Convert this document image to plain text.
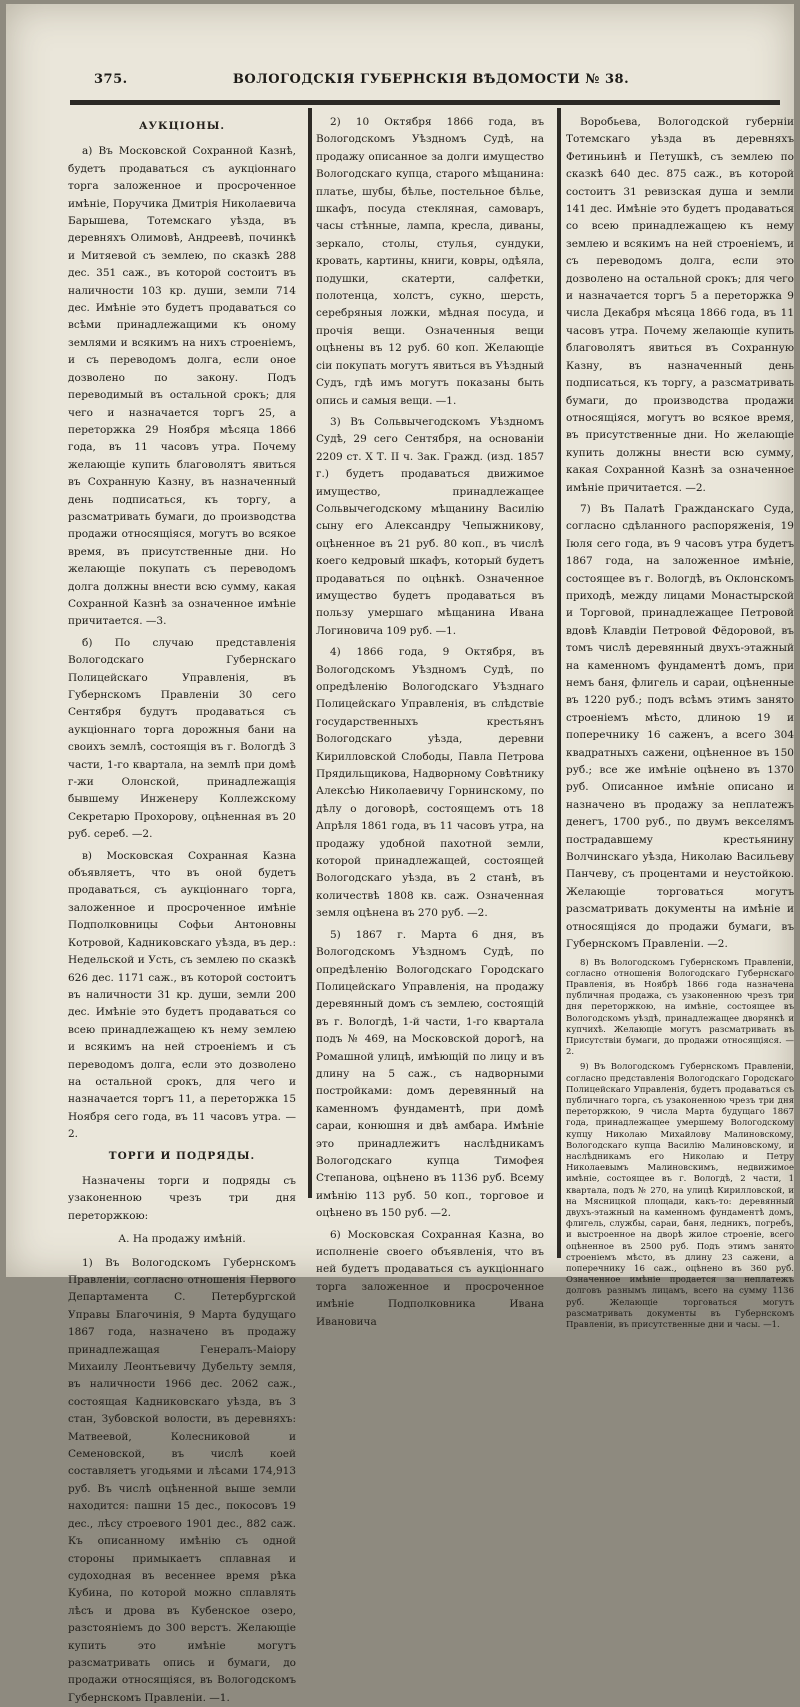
375.	ВОЛОГОДСКІЯ ГУБЕРНСКІЯ ВѢДОМОСТИ № 38.

АУКЦІОНЫ.

а) Въ Московской Сохранной Казнѣ, будетъ продаваться съ аукціоннаго торга заложенное и просроченное имѣніе, Поручика Дмитрія Николаевича Барышева, Тотемскаго уѣзда, въ деревняхъ Олимовѣ, Андреевѣ, починкѣ и Митяевой съ землею, по сказкѣ 288 дес. 351 саж., въ которой состоитъ въ наличности 103 кр. души, земли 714 дес. Имѣніе это будетъ продаваться со всѣми принадлежащими къ оному землями и всякимъ на нихъ строеніемъ, и съ переводомъ долга, если оное дозволено по закону. Подъ переводимый въ остальной срокъ; для чего и назначается торгъ 25, а переторжка 29 Ноября мѣсяца 1866 года, въ 11 часовъ утра. Почему желающіе купить благоволятъ явиться въ Сохранную Казну, въ назначенный день подписаться, къ торгу, а разсматривать бумаги, до производства продажи относящіяся, могутъ во всякое время, въ присутственные дни. Но желающіе покупать съ переводомъ долга должны внести всю сумму, какая Сохранной Казнѣ за означенное имѣніе причитается. —3.

б) По случаю представленія Вологодскаго Губернскаго Полицейскаго Управленія, въ Губернскомъ Правленіи 30 сего Сентября будутъ продаваться съ аукціоннаго торга дорожныя бани на своихъ землѣ, состоящія въ г. Вологдѣ 3 части, 1-го квартала, на землѣ при домѣ г-жи Олонской, принадлежащія бывшему Инженеру Коллежскому Секретарю Прохорову, оцѣненная въ 20 руб. сереб. —2.

в) Московская Сохранная Казна объявляетъ, что въ оной будетъ продаваться, съ аукціоннаго торга, заложенное и просроченное имѣніе Подполковницы Софьи Антоновны Котровой, Кадниковскаго уѣзда, въ дер.: Недельской и Усть, съ землею по сказкѣ 626 дес. 1171 саж., въ которой состоитъ въ наличности 31 кр. души, земли 200 дес. Имѣніе это будетъ продаваться со всею принадлежащею къ нему землею и всякимъ на ней строеніемъ и съ переводомъ долга, если это дозволено на остальной срокъ, для чего и назначается торгъ 11, а переторжка 15 Ноября сего года, въ 11 часовъ утра. —2.

ТОРГИ И ПОДРЯДЫ.

Назначены торги и подряды съ узаконенною чрезъ три дня переторжкою:

А. На продажу имѣній.

1) Въ Вологодскомъ Губернскомъ Правленіи, согласно отношенія Первого Департамента С. Петербургской Управы Благочинія, 9 Марта будущаго 1867 года, назначено въ продажу принадлежащая Генералъ-Маіору Михаилу Леонтьевичу Дубельту земля, въ наличности 1966 дес. 2062 саж., состоящая Кадниковскаго уѣзда, въ 3 стан, Зубовской волости, въ деревняхъ: Матвеевой, Колесниковой и Семеновской, въ числѣ коей составляетъ угодьями и лѣсами 174,913 руб. Въ числѣ оцѣненной выше земли находится: пашни 15 дес., покосовъ 19 дес., лѣсу строевого 1901 дес., 882 саж. Къ описанному имѣнію съ одной стороны примыкаетъ сплавная и судоходная въ весеннее время рѣка Кубина, по которой можно сплавлять лѣсъ и дрова въ Кубенское озеро, разстояніемъ до 300 верстъ. Желающіе купить это имѣніе могутъ разсматривать опись и бумаги, до продажи относящіяся, въ Вологодскомъ Губернскомъ Правленіи. —1.

2) 10 Октября 1866 года, въ Вологодскомъ Уѣздномъ Судѣ, на продажу описанное за долги имущество Вологодскаго купца, старого мѣщанина: платье, шубы, бѣлье, постельное бѣлье, шкафъ, посуда стекляная, самоваръ, часы стѣнные, лампа, кресла, диваны, зеркало, столы, стулья, сундуки, кровать, картины, книги, ковры, одѣяла, подушки, скатерти, салфетки, полотенца, холстъ, сукно, шерсть, серебряныя ложки, мѣдная посуда, и прочія вещи. Означенныя вещи оцѣнены въ 12 руб. 60 коп. Желающіе сіи покупать могутъ явиться въ Уѣздный Судъ, гдѣ имъ могутъ показаны быть опись и самыя вещи. —1.

3) Въ Сольвычегодскомъ Уѣздномъ Судѣ, 29 сего Сентября, на основаніи 2209 ст. Х Т. II ч. Зак. Гражд. (изд. 1857 г.) будетъ продаваться движимое имущество, принадлежащее Сольвычегодскому мѣщанину Василію сыну его Александру Чепыжникову, оцѣненное въ 21 руб. 80 коп., въ числѣ коего кедровый шкафъ, который будетъ продаваться по оцѣнкѣ. Означенное имущество будетъ продаваться въ пользу умершаго мѣщанина Ивана Логиновича 109 руб. —1.

4) 1866 года, 9 Октября, въ Вологодскомъ Уѣздномъ Судѣ, по опредѣленію Вологодскаго Уѣзднаго Полицейскаго Управленія, въ слѣдствіе государственныхъ крестьянъ Вологодскаго уѣзда, деревни Кирилловской Слободы, Павла Петрова Прядильщикова, Надворному Совѣтнику Алексѣю Николаевичу Горнинскому, по дѣлу о договорѣ, состоящемъ отъ 18 Апрѣля 1861 года, въ 11 часовъ утра, на продажу удобной пахотной земли, которой принадлежащей, состоящей Вологодскаго уѣзда, въ 2 станѣ, въ количествѣ 1808 кв. саж. Означенная земля оцѣнена въ 270 руб. —2.

5) 1867 г. Марта 6 дня, въ Вологодскомъ Уѣздномъ Судѣ, по опредѣленію Вологодскаго Городскаго Полицейскаго Управленія, на продажу деревянный домъ съ землею, состоящій въ г. Вологдѣ, 1-й части, 1-го квартала подъ № 469, на Московской дорогѣ, на Ромашной улицѣ, имѣющій по лицу и въ длину на 5 саж., съ надворными постройками: домъ деревянный на каменномъ фундаментѣ, при домѣ сараи, конюшня и двѣ амбара. Имѣніе это принадлежитъ наслѣдникамъ Вологодскаго купца Тимофея Степанова, оцѣнено въ 1136 руб. Всему имѣнію 113 руб. 50 коп., торговое и оцѣнено въ 150 руб. —2.

6) Московская Сохранная Казна, во исполненіе своего объявленія, что въ ней будетъ продаваться съ аукціоннаго торга заложенное и просроченное имѣніе Подполковника Ивана Ивановича

Воробьева, Вологодской губерніи Тотемскаго уѣзда въ деревняхъ Фетиньинѣ и Петушкѣ, съ землею по сказкѣ 640 дес. 875 саж., въ которой состоитъ 31 ревизская душа и земли 141 дес. Имѣніе это будетъ продаваться со всею принадлежащею къ нему землею и всякимъ на ней строеніемъ, и съ переводомъ долга, если это дозволено на остальной срокъ; для чего и назначается торгъ 5 а переторжка 9 числа Декабря мѣсяца 1866 года, въ 11 часовъ утра. Почему желающіе купить благоволятъ явиться въ Сохранную Казну, въ назначенный день подписаться, къ торгу, а разсматривать бумаги, до производства продажи относящіяся, могутъ во всякое время, въ присутственные дни. Но желающіе купить должны внести всю сумму, какая Сохранной Казнѣ за означенное имѣніе причитается. —2.

7) Въ Палатѣ Гражданскаго Суда, согласно сдѣланного распоряженія, 19 Іюля сего года, въ 9 часовъ утра будетъ 1867 года, на заложенное имѣніе, состоящее въ г. Вологдѣ, въ Оклонскомъ приходѣ, между лицами Монастырской и Торговой, принадлежащее Петровой вдовѣ Клавдіи Петровой Фёдоровой, въ томъ числѣ деревянный двухъ-этажный на каменномъ фундаментѣ домъ, при немъ баня, флигель и сараи, оцѣненные въ 1220 руб.; подъ всѣмъ этимъ занято строеніемъ мѣсто, длиною 19 и поперечнику 16 саженъ, а всего 304 квадратныхъ сажени, оцѣненное въ 150 руб.; все же имѣніе оцѣнено въ 1370 руб. Описанное имѣніе описано и назначено въ продажу за неплатежъ денегъ, 1700 руб., по двумъ векселямъ пострадавшему крестьянину Волчинскаго уѣзда, Николаю Васильеву Панчеву, съ процентами и неустойкою. Желающіе торговаться могутъ разсматривать документы на имѣніе и относящіяся до продажи бумаги, въ Губернскомъ Правленіи. —2.

8) Въ Вологодскомъ Губернскомъ Правленіи, согласно отношенія Вологодскаго Губернскаго Правленія, въ Ноябрѣ 1866 года назначена публичная продажа, съ узаконенною чрезъ три дня переторжкою, на имѣніе, состоящее въ Вологодскомъ уѣздѣ, принадлежащее дворянкѣ и купчихѣ. Желающіе могутъ разсматривать въ Присутствіи бумаги, до продажи относящіяся. —2.

9) Въ Вологодскомъ Губернскомъ Правленіи, согласно представленія Вологодскаго Городскаго Полицейскаго Управленія, будетъ продаваться съ публичнаго торга, съ узаконенною чрезъ три дня переторжкою, 9 числа Марта будущаго 1867 года, принадлежащее умершему Вологодскому купцу Николаю Михайлову Малиновскому, Вологодскаго купца Василію Малиновскому, и наслѣдникамъ его Николаю и Петру Николаевымъ Малиновскимъ, недвижимое имѣніе, состоящее въ г. Вологдѣ, 2 части, 1 квартала, подъ № 270, на улицѣ Кирилловской, и на Мясницкой площади, какъ-то: деревянный двухъ-этажный на каменномъ фундаментѣ домъ, флигель, службы, сараи, баня, ледникъ, погребъ, и выстроенное на дворѣ жилое строеніе, всего оцѣненное въ 2500 руб. Подъ этимъ занято строеніемъ мѣсто, въ длину 23 сажени, а поперечнику 16 саж., оцѣнено въ 360 руб. Означенное имѣніе продается за неплатежъ долговъ разнымъ лицамъ, всего на сумму 1136 руб. Желающіе торговаться могутъ разсматривать документы въ Губернскомъ Правленіи, въ присутственные дни и часы. —1.
